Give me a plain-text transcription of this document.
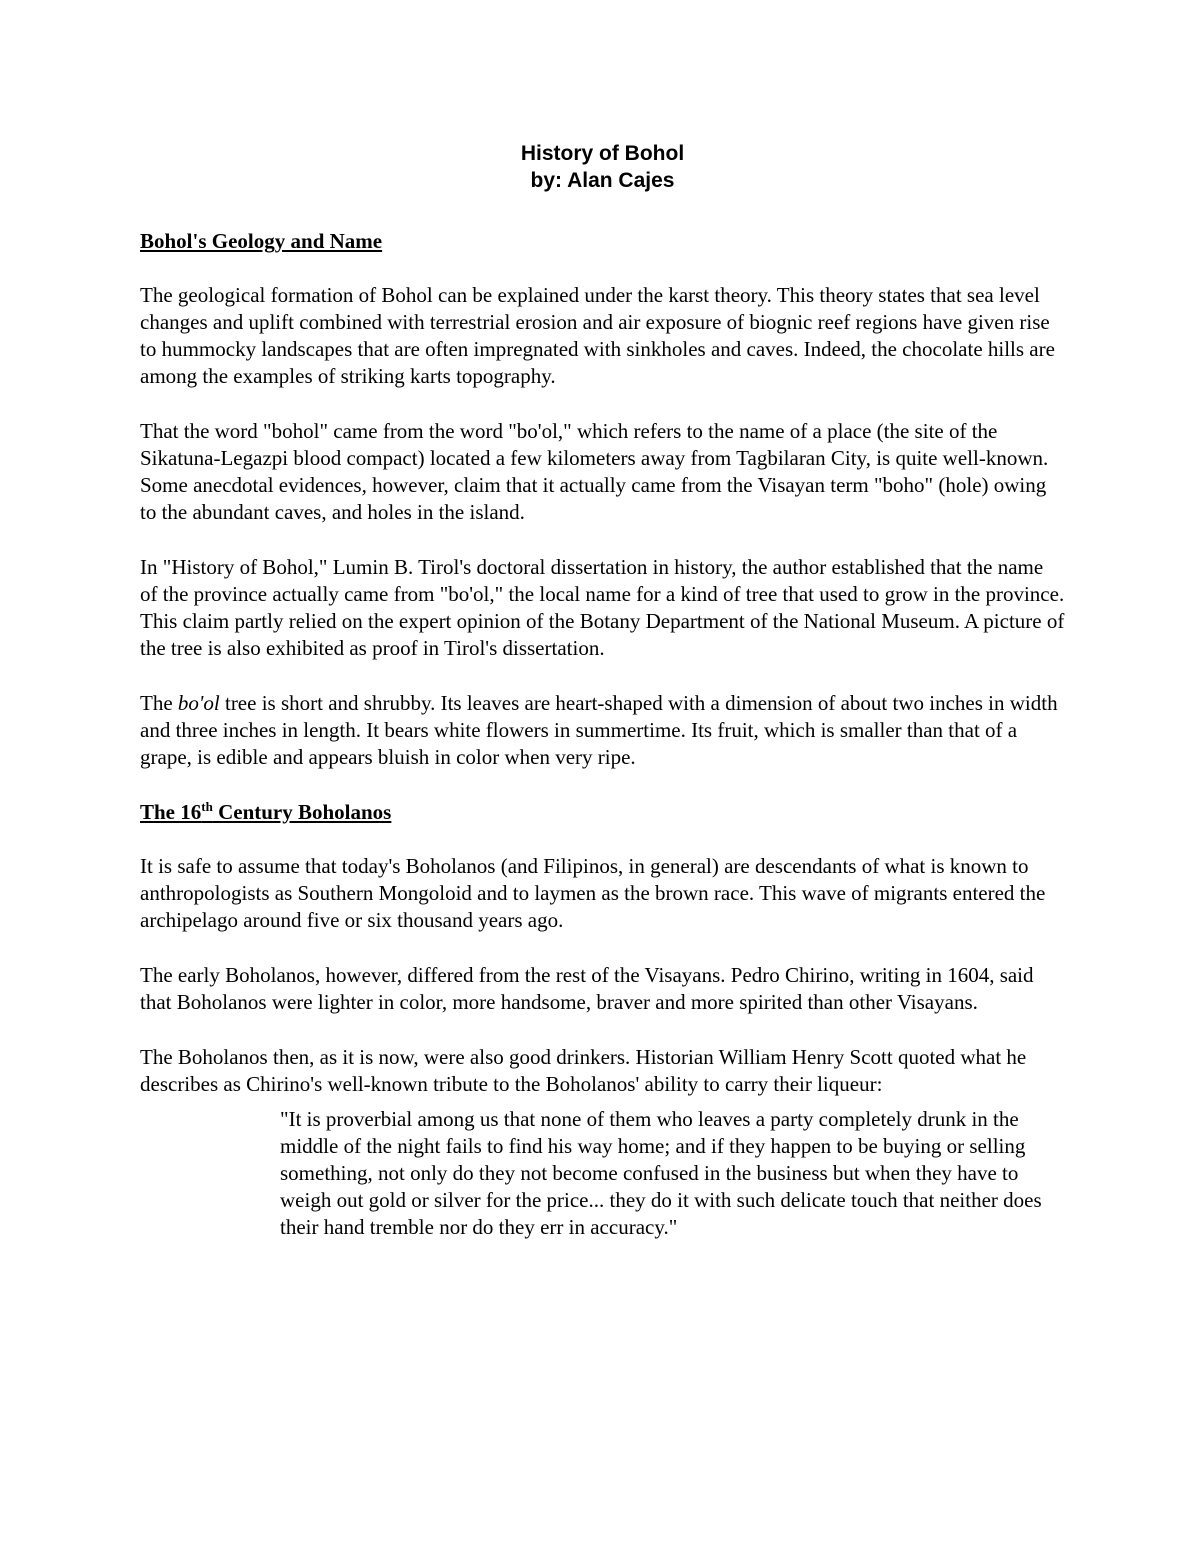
History of Bohol
by: Alan Cajes
Bohol's Geology and Name

The geological formation of Bohol can be explained under the karst theory. This theory states that sea level changes and uplift combined with terrestrial erosion and air exposure of biognic reef regions have given rise to hummocky landscapes that are often impregnated with sinkholes and caves. Indeed, the chocolate hills are among the examples of striking karts topography.

That the word "bohol" came from the word "bo'ol," which refers to the name of a place (the site of the Sikatuna-Legazpi blood compact) located a few kilometers away from Tagbilaran City, is quite well-known. Some anecdotal evidences, however, claim that it actually came from the Visayan term "boho" (hole) owing to the abundant caves, and holes in the island.

In "History of Bohol," Lumin B. Tirol's doctoral dissertation in history, the author established that the name of the province actually came from "bo'ol," the local name for a kind of tree that used to grow in the province. This claim partly relied on the expert opinion of the Botany Department of the National Museum. A picture of the tree is also exhibited as proof in Tirol's dissertation.

The bo'ol tree is short and shrubby. Its leaves are heart-shaped with a dimension of about two inches in width and three inches in length. It bears white flowers in summertime. Its fruit, which is smaller than that of a grape, is edible and appears bluish in color when very ripe.

The 16th Century Boholanos

It is safe to assume that today's Boholanos (and Filipinos, in general) are descendants of what is known to anthropologists as Southern Mongoloid and to laymen as the brown race. This wave of migrants entered the archipelago around five or six thousand years ago.

The early Boholanos, however, differed from the rest of the Visayans. Pedro Chirino, writing in 1604, said that Boholanos were lighter in color, more handsome, braver and more spirited than other Visayans.

The Boholanos then, as it is now, were also good drinkers. Historian William Henry Scott quoted what he describes as Chirino's well-known tribute to the Boholanos' ability to carry their liqueur:

"It is proverbial among us that none of them who leaves a party completely drunk in the middle of the night fails to find his way home; and if they happen to be buying or selling something, not only do they not become confused in the business but when they have to weigh out gold or silver for the price... they do it with such delicate touch that neither does their hand tremble nor do they err in accuracy."
